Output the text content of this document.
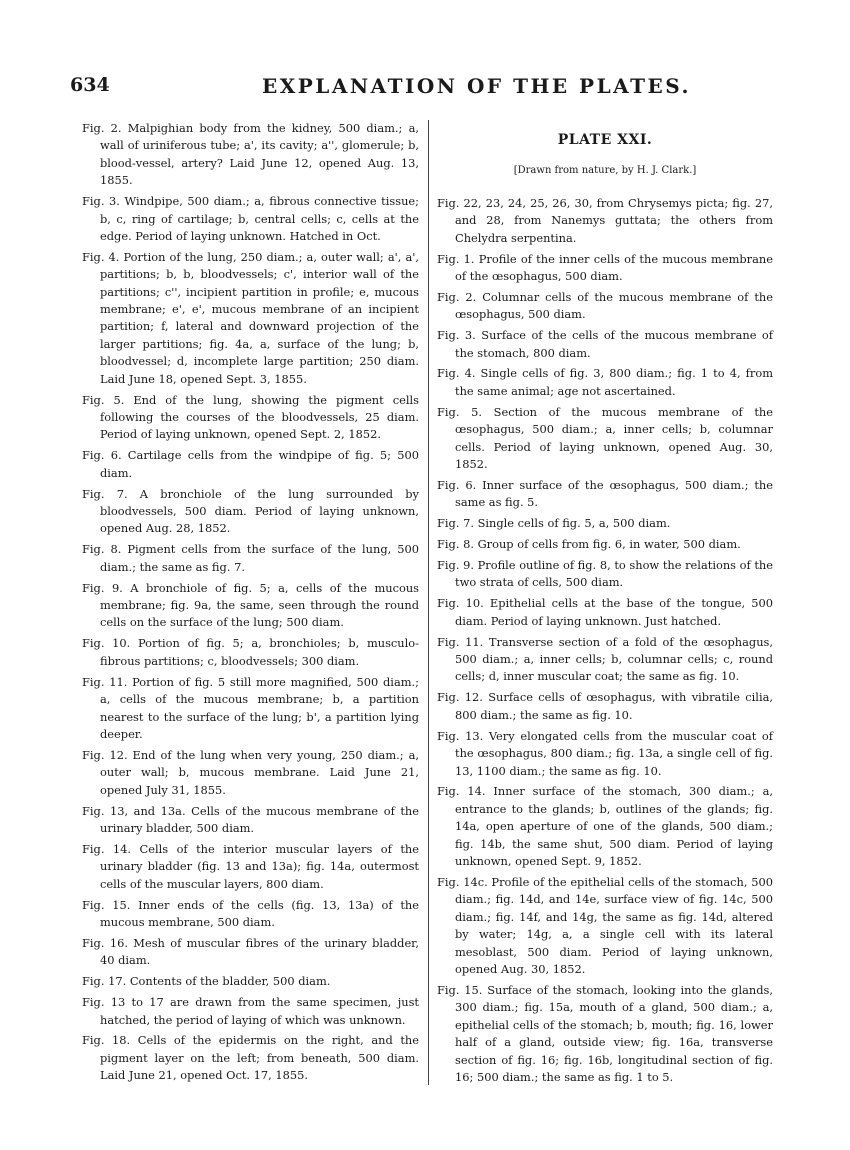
634	EXPLANATION OF THE PLATES.

Fig. 2. Malpighian body from the kidney, 500 diam.; a, wall of uriniferous tube; a', its cavity; a'', glomerule; b, blood-vessel, artery? Laid June 12, opened Aug. 13, 1855.

Fig. 3. Windpipe, 500 diam.; a, fibrous connective tissue; b, c, ring of cartilage; b, central cells; c, cells at the edge. Period of laying unknown. Hatched in Oct.

Fig. 4. Portion of the lung, 250 diam.; a, outer wall; a', a', partitions; b, b, bloodvessels; c', interior wall of the partitions; c'', incipient partition in profile; e, mucous membrane; e', e', mucous membrane of an incipient partition; f, lateral and downward projection of the larger partitions; fig. 4a, a, surface of the lung; b, bloodvessel; d, incomplete large partition; 250 diam. Laid June 18, opened Sept. 3, 1855.

Fig. 5. End of the lung, showing the pigment cells following the courses of the bloodvessels, 25 diam. Period of laying unknown, opened Sept. 2, 1852.

Fig. 6. Cartilage cells from the windpipe of fig. 5; 500 diam.

Fig. 7. A bronchiole of the lung surrounded by bloodvessels, 500 diam. Period of laying unknown, opened Aug. 28, 1852.

Fig. 8. Pigment cells from the surface of the lung, 500 diam.; the same as fig. 7.

Fig. 9. A bronchiole of fig. 5; a, cells of the mucous membrane; fig. 9a, the same, seen through the round cells on the surface of the lung; 500 diam.

Fig. 10. Portion of fig. 5; a, bronchioles; b, musculo-fibrous partitions; c, bloodvessels; 300 diam.

Fig. 11. Portion of fig. 5 still more magnified, 500 diam.; a, cells of the mucous membrane; b, a partition nearest to the surface of the lung; b', a partition lying deeper.

Fig. 12. End of the lung when very young, 250 diam.; a, outer wall; b, mucous membrane. Laid June 21, opened July 31, 1855.

Fig. 13, and 13a. Cells of the mucous membrane of the urinary bladder, 500 diam.

Fig. 14. Cells of the interior muscular layers of the urinary bladder (fig. 13 and 13a); fig. 14a, outermost cells of the muscular layers, 800 diam.

Fig. 15. Inner ends of the cells (fig. 13, 13a) of the mucous membrane, 500 diam.

Fig. 16. Mesh of muscular fibres of the urinary bladder, 40 diam.

Fig. 17. Contents of the bladder, 500 diam.

Fig. 13 to 17 are drawn from the same specimen, just hatched, the period of laying of which was unknown.

Fig. 18. Cells of the epidermis on the right, and the pigment layer on the left; from beneath, 500 diam. Laid June 21, opened Oct. 17, 1855.

PLATE XXI.
[Drawn from nature, by H. J. Clark.]

Fig. 22, 23, 24, 25, 26, 30, from Chrysemys picta; fig. 27, and 28, from Nanemys guttata; the others from Chelydra serpentina.

Fig. 1. Profile of the inner cells of the mucous membrane of the œsophagus, 500 diam.

Fig. 2. Columnar cells of the mucous membrane of the œsophagus, 500 diam.

Fig. 3. Surface of the cells of the mucous membrane of the stomach, 800 diam.

Fig. 4. Single cells of fig. 3, 800 diam.; fig. 1 to 4, from the same animal; age not ascertained.

Fig. 5. Section of the mucous membrane of the œsophagus, 500 diam.; a, inner cells; b, columnar cells. Period of laying unknown, opened Aug. 30, 1852.

Fig. 6. Inner surface of the œsophagus, 500 diam.; the same as fig. 5.

Fig. 7. Single cells of fig. 5, a, 500 diam.

Fig. 8. Group of cells from fig. 6, in water, 500 diam.

Fig. 9. Profile outline of fig. 8, to show the relations of the two strata of cells, 500 diam.

Fig. 10. Epithelial cells at the base of the tongue, 500 diam. Period of laying unknown. Just hatched.

Fig. 11. Transverse section of a fold of the œsophagus, 500 diam.; a, inner cells; b, columnar cells; c, round cells; d, inner muscular coat; the same as fig. 10.

Fig. 12. Surface cells of œsophagus, with vibratile cilia, 800 diam.; the same as fig. 10.

Fig. 13. Very elongated cells from the muscular coat of the œsophagus, 800 diam.; fig. 13a, a single cell of fig. 13, 1100 diam.; the same as fig. 10.

Fig. 14. Inner surface of the stomach, 300 diam.; a, entrance to the glands; b, outlines of the glands; fig. 14a, open aperture of one of the glands, 500 diam.; fig. 14b, the same shut, 500 diam. Period of laying unknown, opened Sept. 9, 1852.

Fig. 14c. Profile of the epithelial cells of the stomach, 500 diam.; fig. 14d, and 14e, surface view of fig. 14c, 500 diam.; fig. 14f, and 14g, the same as fig. 14d, altered by water; 14g, a, a single cell with its lateral mesoblast, 500 diam. Period of laying unknown, opened Aug. 30, 1852.

Fig. 15. Surface of the stomach, looking into the glands, 300 diam.; fig. 15a, mouth of a gland, 500 diam.; a, epithelial cells of the stomach; b, mouth; fig. 16, lower half of a gland, outside view; fig. 16a, transverse section of fig. 16; fig. 16b, longitudinal section of fig. 16; 500 diam.; the same as fig. 1 to 5.
